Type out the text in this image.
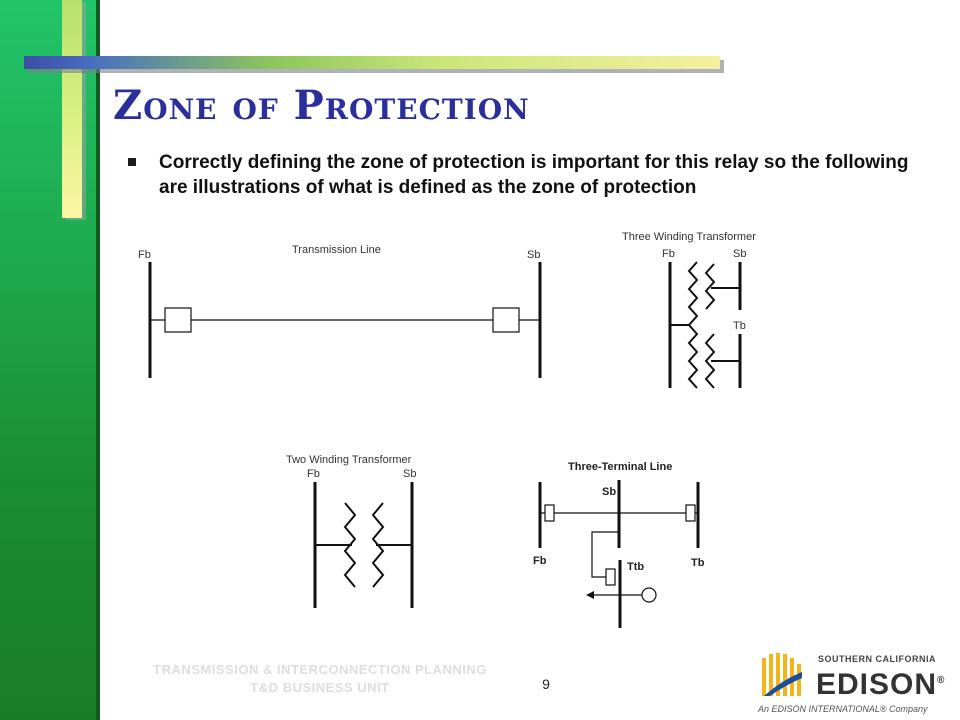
Zone of Protection

Correctly defining the zone of protection is important for this relay so the following are illustrations of what is defined as the zone of protection

Transmission Line
Fb	Sb
Three Winding Transformer
Fb	Sb
Tb
Two Winding Transformer
Fb	Sb
Three-Terminal Line
Sb
Fb	Tb
Ttb
TRANSMISSION & INTERCONNECTION PLANNING
T&D BUSINESS UNIT	9
SOUTHERN CALIFORNIA
EDISON®
An EDISON INTERNATIONAL® Company
